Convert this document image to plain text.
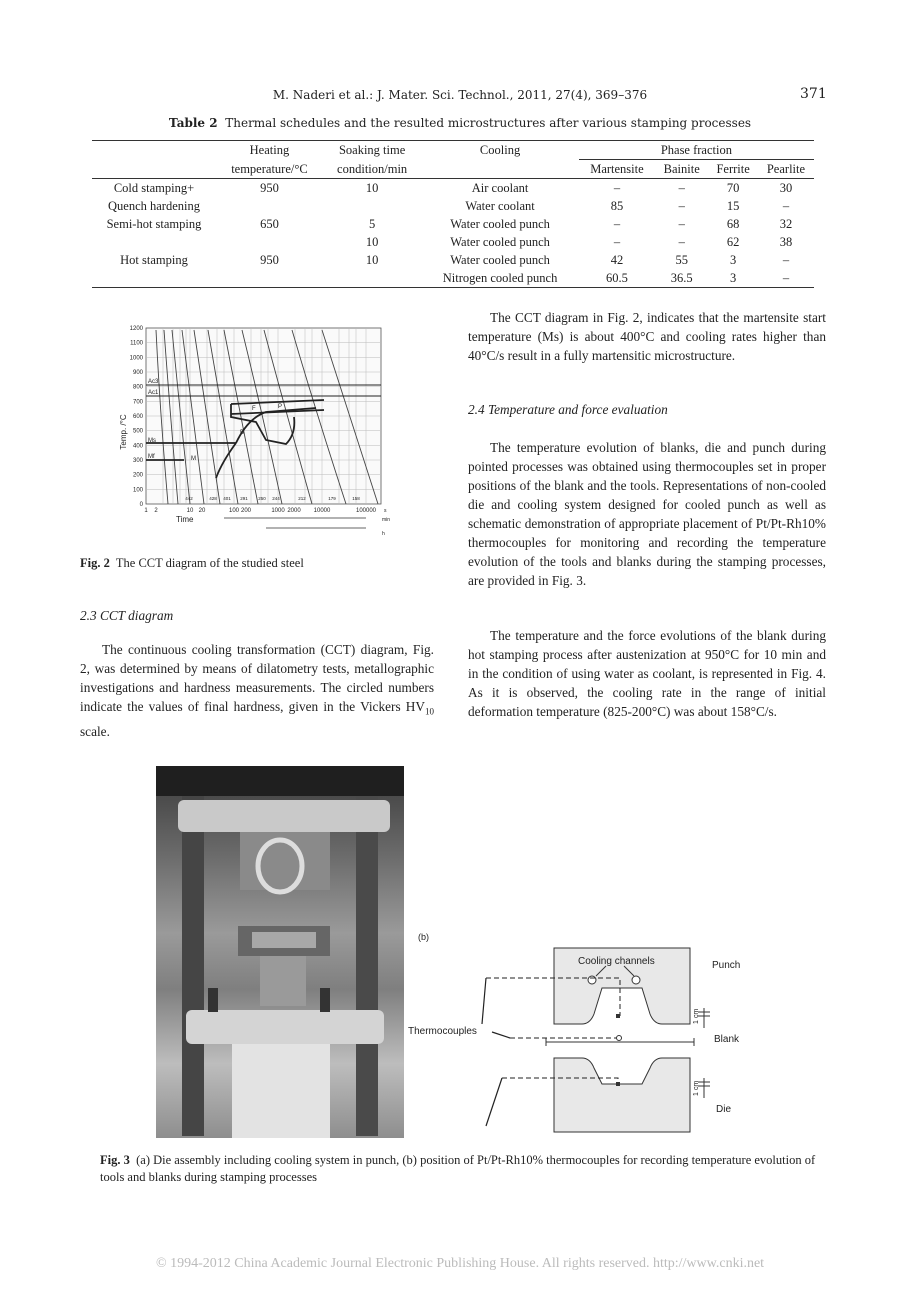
M. Naderi et al.: J. Mater. Sci. Technol., 2011, 27(4), 369–376	371
Table 2 Thermal schedules and the resulted microstructures after various stamping processes
	Heating	Soaking time	Cooling	Phase fraction			
	temperature/°C	condition/min		Martensite	Bainite	Ferrite	Pearlite
Cold stamping+	950	10	Air coolant	–	–	70	30
Quench hardening			Water coolant	85	–	15	–
Semi-hot stamping	650	5	Water cooled punch	–	–	68	32
		10	Water cooled punch	–	–	62	38
Hot stamping	950	10	Water cooled punch	42	55	3	–
			Nitrogen cooled punch	60.5	36.5	3	–
1200
1100
1000
900
800
700
600
500
400
300
200
100
0
Temp. /°C
Ac3
Ac1
F	P
B
Ms
Mf	M
442	428 401 291 250 244	212	179	158
1 2	10 20	100 200	1000 2000 10000	100000 s
Time	min
h
Fig. 2 The CCT diagram of the studied steel
2.3 CCT diagram
The continuous cooling transformation (CCT) diagram, Fig. 2, was determined by means of dilatometry tests, metallographic investigations and hardness measurements. The circled numbers indicate the values of final hardness, given in the Vickers $HV_{10}$ scale.
The CCT diagram in Fig. 2, indicates that the martensite start temperature (Ms) is about 400°C and cooling rates higher than 40°C/s result in a fully martensitic microstructure.
2.4 Temperature and force evaluation
The temperature evolution of blanks, die and punch during pointed processes was obtained using thermocouples set in proper positions of the blank and the tools. Representations of non-cooled die and cooling system designed for cooled punch as well as schematic demonstration of appropriate placement of Pt/Pt-Rh10% thermocouples for monitoring and recording the temperature evolution of the tools and blanks during the stamping processes, are provided in Fig. 3.
The temperature and the force evolutions of the blank during hot stamping process after austenization at 950°C for 10 min and in the condition of using water as coolant, is represented in Fig. 4. As it is observed, the cooling rate in the range of initial deformation temperature (825-200°C) was about 158°C/s.
(b)
Cooling channels	Punch
Blank
Die
Thermocouples
1 cm
1 cm
Fig. 3 (a) Die assembly including cooling system in punch, (b) position of Pt/Pt-Rh10% thermocouples for recording temperature evolution of tools and blanks during stamping processes
© 1994-2012 China Academic Journal Electronic Publishing House. All rights reserved. http://www.cnki.net
